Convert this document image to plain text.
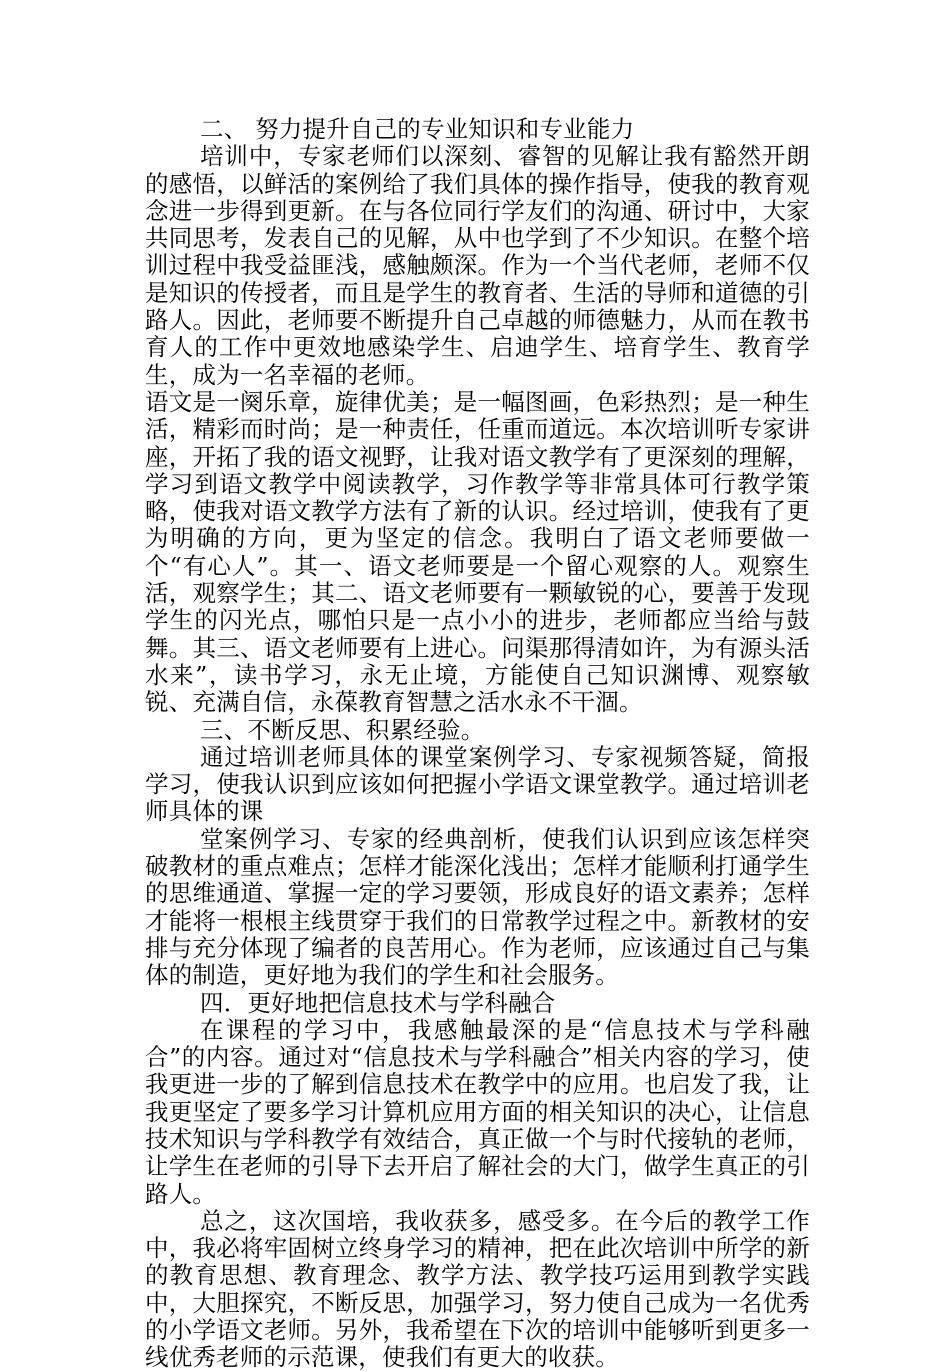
二、 努力提升自己的专业知识和专业能力

培训中，专家老师们以深刻、睿智的见解让我有豁然开朗的感悟，以鲜活的案例给了我们具体的操作指导，使我的教育观念进一步得到更新。在与各位同行学友们的沟通、研讨中，大家共同思考，发表自己的见解，从中也学到了不少知识。在整个培训过程中我受益匪浅，感触颇深。作为一个当代老师，老师不仅是知识的传授者，而且是学生的教育者、生活的导师和道德的引路人。因此，老师要不断提升自己卓越的师德魅力，从而在教书育人的工作中更效地感染学生、启迪学生、培育学生、教育学生，成为一名幸福的老师。

语文是一阕乐章，旋律优美；是一幅图画，色彩热烈；是一种生活，精彩而时尚；是一种责任，任重而道远。本次培训听专家讲座，开拓了我的语文视野，让我对语文教学有了更深刻的理解，学习到语文教学中阅读教学，习作教学等非常具体可行教学策略，使我对语文教学方法有了新的认识。经过培训，使我有了更为明确的方向，更为坚定的信念。我明白了语文老师要做一个“有心人”。其一、语文老师要是一个留心观察的人。观察生活，观察学生；其二、语文老师要有一颗敏锐的心，要善于发现学生的闪光点，哪怕只是一点小小的进步，老师都应当给与鼓舞。其三、语文老师要有上进心。问渠那得清如许，为有源头活水来”，读书学习，永无止境，方能使自己知识渊博、观察敏锐、充满自信，永葆教育智慧之活水永不干涸。

三、不断反思、积累经验。

通过培训老师具体的课堂案例学习、专家视频答疑，简报学习，使我认识到应该如何把握小学语文课堂教学。通过培训老师具体的课

堂案例学习、专家的经典剖析，使我们认识到应该怎样突破教材的重点难点；怎样才能深化浅出；怎样才能顺利打通学生的思维通道、掌握一定的学习要领，形成良好的语文素养；怎样才能将一根根主线贯穿于我们的日常教学过程之中。新教材的安排与充分体现了编者的良苦用心。作为老师，应该通过自己与集体的制造，更好地为我们的学生和社会服务。

四．更好地把信息技术与学科融合

在课程的学习中，我感触最深的是“信息技术与学科融合”的内容。通过对“信息技术与学科融合”相关内容的学习，使我更进一步的了解到信息技术在教学中的应用。也启发了我，让我更坚定了要多学习计算机应用方面的相关知识的决心，让信息技术知识与学科教学有效结合，真正做一个与时代接轨的老师，让学生在老师的引导下去开启了解社会的大门，做学生真正的引路人。

总之，这次国培，我收获多，感受多。在今后的教学工作中，我必将牢固树立终身学习的精神，把在此次培训中所学的新的教育思想、教育理念、教学方法、教学技巧运用到教学实践中，大胆探究，不断反思，加强学习，努力使自己成为一名优秀的小学语文老师。另外，我希望在下次的培训中能够听到更多一线优秀老师的示范课，使我们有更大的收获。
